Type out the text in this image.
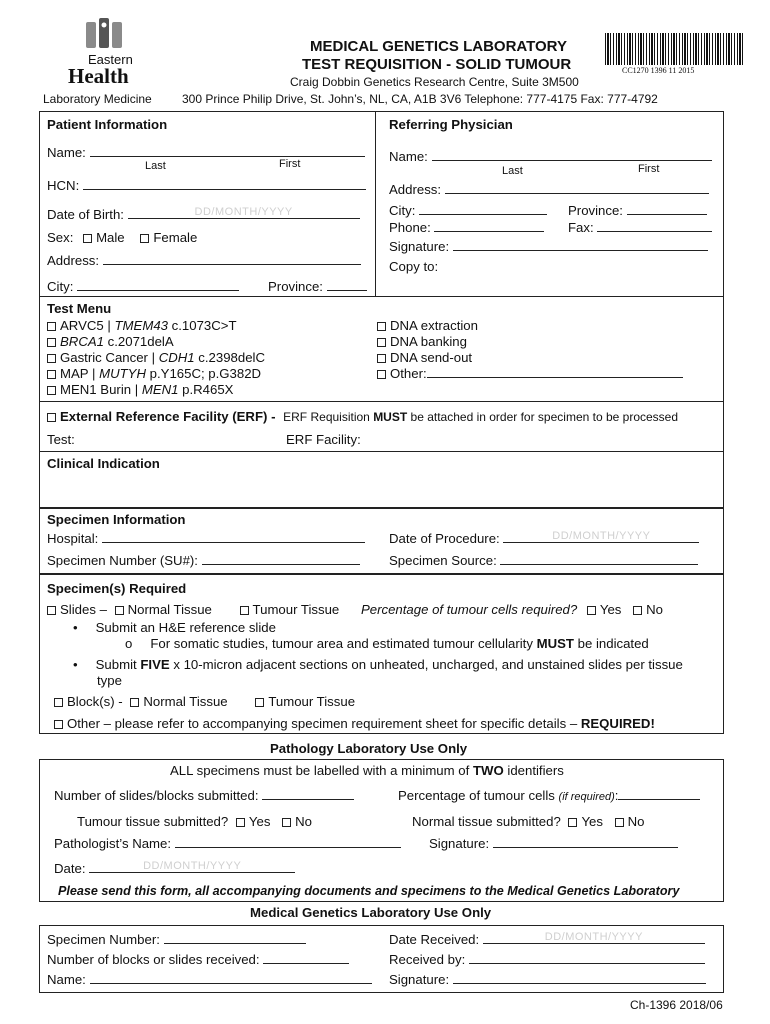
Eastern
Health
Laboratory Medicine
MEDICAL GENETICS LABORATORY
TEST REQUISITION - SOLID TUMOUR
Craig Dobbin Genetics Research Centre, Suite 3M500
300 Prince Philip Drive, St. John’s, NL, CA, A1B 3V6 Telephone: 777-4175 Fax: 777-4792
CC1270 1396 11 2015
Patient Information
Name:
Last	First
HCN:
Date of Birth:	DD/MONTH/YYYY
Sex: Male Female
Address:
City:	Province:
Referring Physician
Name:
Last	First
Address:
City:	Province:
Phone:	Fax:
Signature:
Copy to:
Test Menu
ARVC5 | TMEM43 c.1073C>T
BRCA1 c.2071delA
Gastric Cancer | CDH1 c.2398delC
MAP | MUTYH p.Y165C; p.G382D
MEN1 Burin | MEN1 p.R465X
DNA extraction
DNA banking
DNA send-out
Other:
External Reference Facility (ERF) - ERF Requisition MUST be attached in order for specimen to be processed
Test:	ERF Facility:
Clinical Indication
Specimen Information
Hospital:	Date of Procedure:	DD/MONTH/YYYY
Specimen Number (SU#):	Specimen Source:
Specimen(s) Required
Slides – Normal Tissue	Tumour Tissue Percentage of tumour cells required? Yes No
• Submit an H&E reference slide
o For somatic studies, tumour area and estimated tumour cellularity MUST be indicated
• Submit FIVE x 10-micron adjacent sections on unheated, uncharged, and unstained slides per tissue
type
Block(s) - Normal Tissue	Tumour Tissue
Other – please refer to accompanying specimen requirement sheet for specific details – REQUIRED!
Pathology Laboratory Use Only
ALL specimens must be labelled with a minimum of TWO identifiers
Number of slides/blocks submitted:	Percentage of tumour cells (if required):
Tumour tissue submitted? Yes No	Normal tissue submitted? Yes No
Pathologist’s Name:	Signature:
Date:	DD/MONTH/YYYY
Please send this form, all accompanying documents and specimens to the Medical Genetics Laboratory
Medical Genetics Laboratory Use Only
Specimen Number:	Date Received:	DD/MONTH/YYYY
Number of blocks or slides received:	Received by:
Name:	Signature:
Ch-1396 2018/06
